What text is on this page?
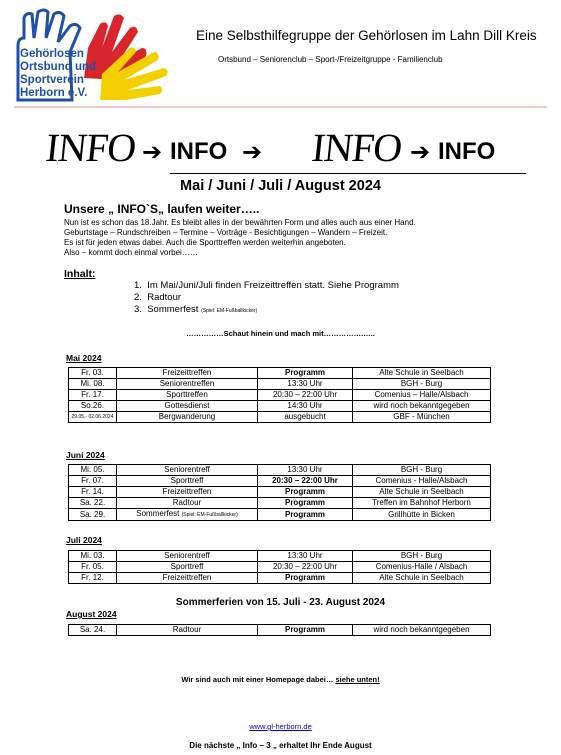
Gehörlosen
Ortsbund und
Sportverein
Herborn e.V.
Eine Selbsthilfegruppe der Gehörlosen im Lahn Dill Kreis
Ortsbund – Seniorenclub – Sport-/Freizeitgruppe - Familienclub
INFO ➔ INFO ➔ INFO ➔ INFO
Mai / Juni / Juli / August 2024
Unsere „ INFO`S„ laufen weiter…..
Nun ist es schon das 18.Jahr. Es bleibt alles in der bewährten Form und alles auch aus einer Hand.
Geburtstage – Rundschreiben – Termine – Vorträge - Besichtigungen – Wandern – Freizeit.
Es ist für jeden etwas dabei. Auch die Sporttreffen werden weiterhin angeboten.
Also – kommt doch einmal vorbei……
Inhalt:
1. Im Mai/Juni/Juli finden Freizeittreffen statt. Siehe Programm
2. Radtour
3. Sommerfest (Spiel: EM-Fußballkicker)
……………Schaut hinein und mach mit…………….…..
Mai 2024
Fr. 03.	Freizeittreffen	Programm	Alte Schule in Seelbach
Mi. 08.	Seniorentreffen	13:30 Uhr	BGH - Burg
Fr. 17.	Sporttreffen	20:30 – 22:00 Uhr	Comenius – Halle/Alsbach
So.26.	Gottesdienst	14:30 Uhr	wird noch bekanntgegeben
29.05.- 02.06.2024	Bergwanderung	ausgebucht	GBF - München
Juni 2024
Mi. 05.	Seniorentreff	13:30 Uhr	BGH - Burg
Fr. 07.	Sporttreff	20:30 – 22:00 Uhr	Comenius - Halle/Alsbach
Fr. 14.	Freizeittreffen	Programm	Alte Schule in Seelbach
Sa. 22.	Radtour	Programm	Treffen im Bahnhof Herborn
Sa. 29.	Sommerfest (Spiel: EM-Fußballkicker)	Programm	Grillhütte in Bicken
Juli 2024
Mi. 03.	Seniorentreff	13:30 Uhr	BGH - Burg
Fr. 05.	Sporttreff	20:30 – 22:00 Uhr	Comenius-Halle / Alsbach
Fr. 12.	Freizeittreffen	Programm	Alte Schule in Seelbach
Sommerferien von 15. Juli - 23. August 2024
August 2024
Sa. 24.	Radtour	Programm	wird noch bekanntgegeben
Wir sind auch mit einer Homepage dabei… siehe unten!
www.gl-herborn.de
Die nächste „ Info – 3 „ erhaltet Ihr Ende August
